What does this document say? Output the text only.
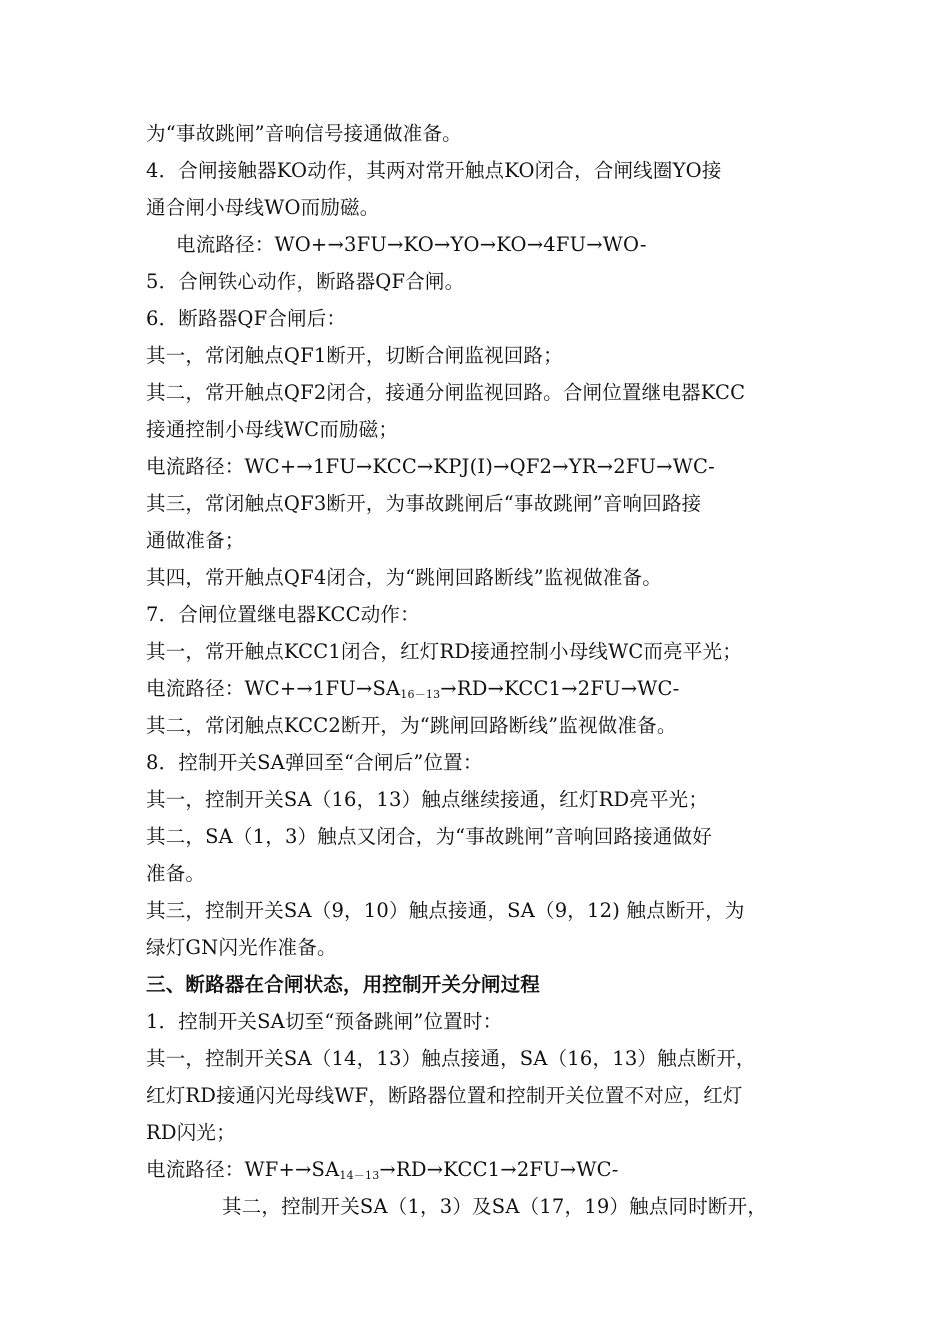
为“事故跳闸”音响信号接通做准备。
4．合闸接触器KO动作，其两对常开触点KO闭合，合闸线圈YO接
通合闸小母线WO而励磁。
电流路径：WO+→3FU→KO→YO→KO→4FU→WO-
5．合闸铁心动作，断路器QF合闸。
6．断路器QF合闸后：
其一，常闭触点QF1断开，切断合闸监视回路；
其二，常开触点QF2闭合，接通分闸监视回路。合闸位置继电器KCC
接通控制小母线WC而励磁；
电流路径：WC+→1FU→KCC→KPJ(I)→QF2→YR→2FU→WC-
其三，常闭触点QF3断开，为事故跳闸后“事故跳闸”音响回路接
通做准备；
其四，常开触点QF4闭合，为“跳闸回路断线”监视做准备。
7．合闸位置继电器KCC动作：
其一，常开触点KCC1闭合，红灯RD接通控制小母线WC而亮平光；
电流路径：$WC+\to 1FU\to SA_{16-13}\to RD\to KCC1\to 2FU\to WC-$
其二，常闭触点KCC2断开，为“跳闸回路断线”监视做准备。
8．控制开关SA弹回至“合闸后”位置：
其一，控制开关SA（16，13）触点继续接通，红灯RD亮平光；
其二，SA（1，3）触点又闭合，为“事故跳闸”音响回路接通做好
准备。
其三，控制开关SA（9，10）触点接通，SA（9，12) 触点断开，为
绿灯GN闪光作准备。
三、断路器在合闸状态，用控制开关分闸过程
1．控制开关SA切至“预备跳闸”位置时：
其一，控制开关SA（14，13）触点接通，SA（16，13）触点断开，
红灯RD接通闪光母线WF，断路器位置和控制开关位置不对应，红灯
RD闪光；
电流路径：$WF+\to SA_{14-13}\to RD\to KCC1\to 2FU\to WC-$
其二，控制开关SA（1，3）及SA（17，19）触点同时断开，
